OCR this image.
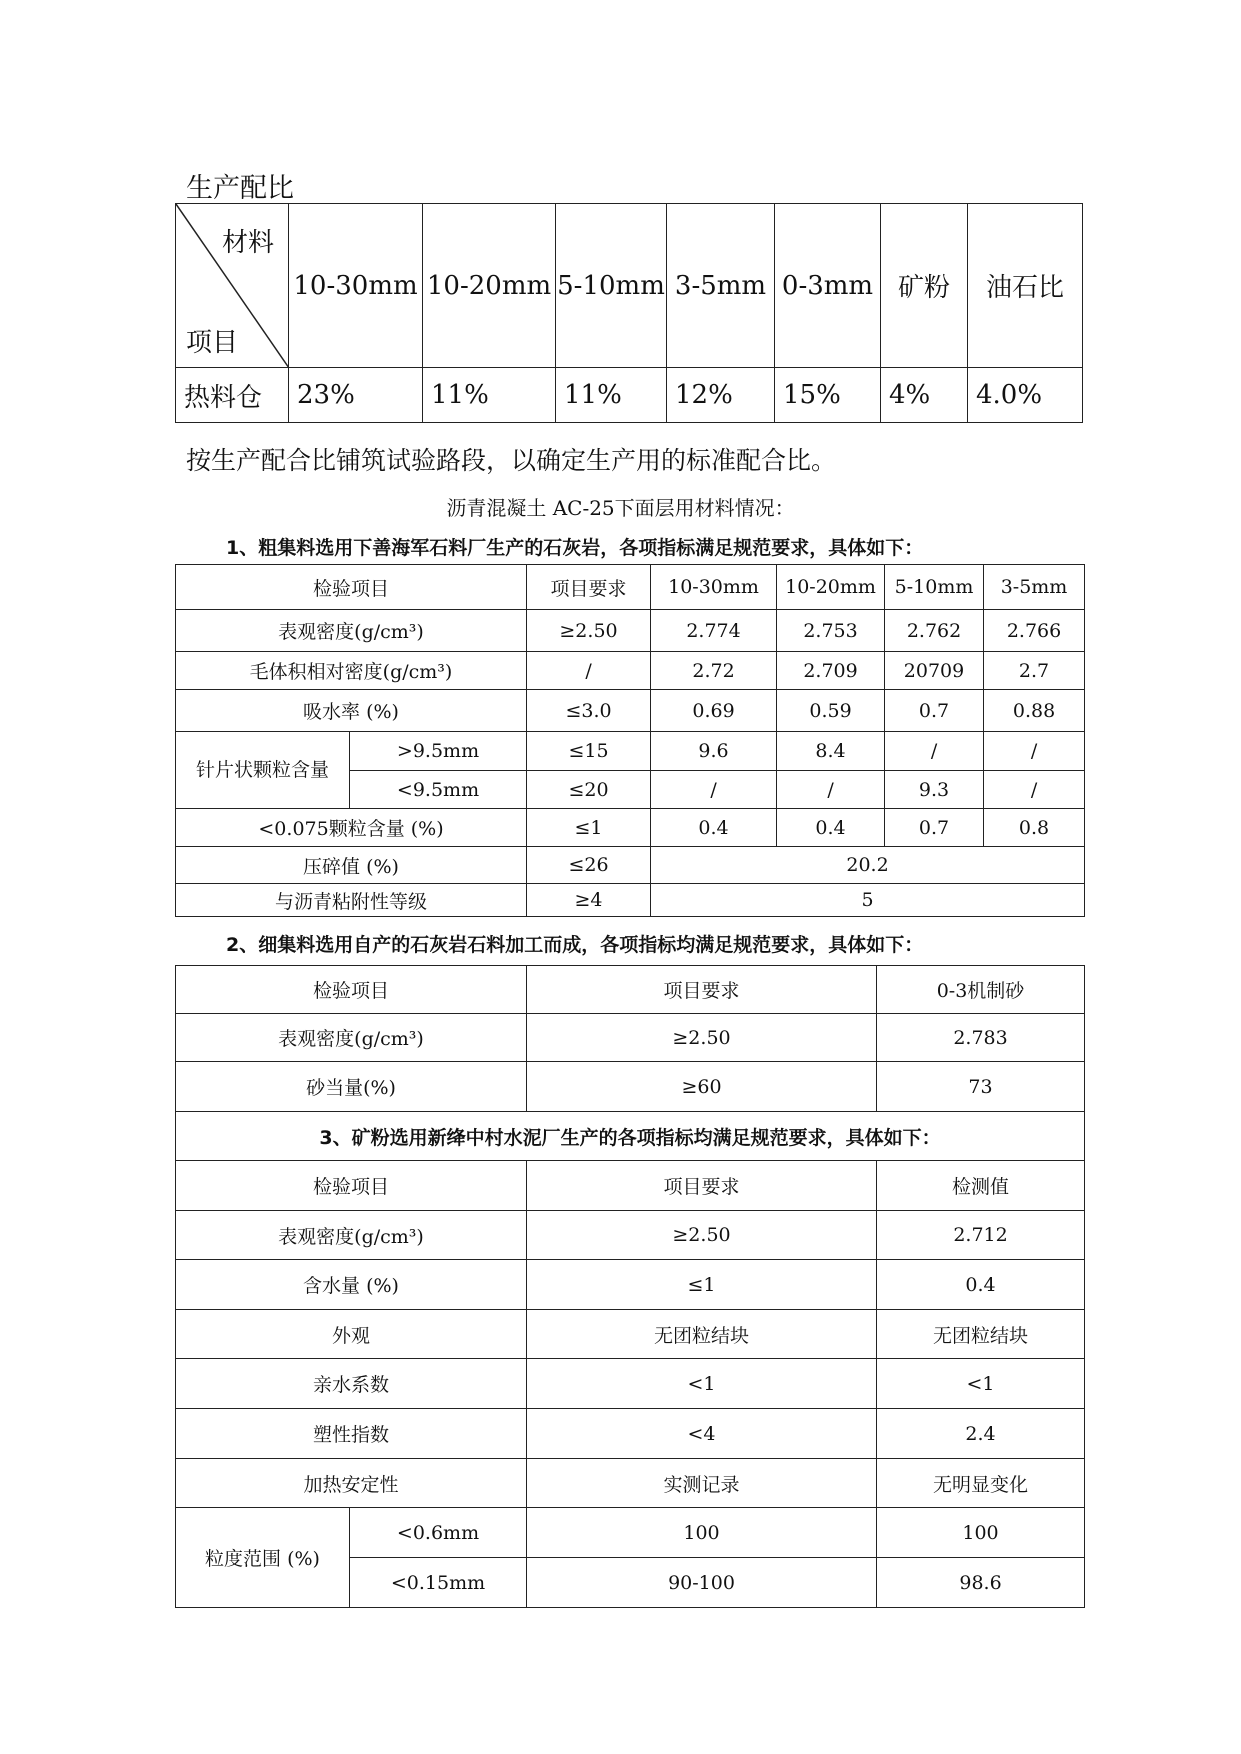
生产配比
材料
项目	10-30mm	10-20mm	5-10mm	3-5mm	0-3mm	矿粉	油石比
热料仓	23%	11%	11%	12%	15%	4%	4.0%
按生产配合比铺筑试验路段，以确定生产用的标准配合比。
沥青混凝土 AC-25下面层用材料情况：
1、粗集料选用下善海军石料厂生产的石灰岩，各项指标满足规范要求，具体如下：
检验项目		项目要求	10-30mm	10-20mm	5-10mm	3-5mm
表观密度(g/cm³)		≥2.50	2.774	2.753	2.762	2.766
毛体积相对密度(g/cm³)		/	2.72	2.709	20709	2.7
吸水率 (%)		≤3.0	0.69	0.59	0.7	0.88
针片状颗粒含量	>9.5mm	≤15	9.6	8.4	/	/
	<9.5mm	≤20	/	/	9.3	/
<0.075颗粒含量 (%)		≤1	0.4	0.4	0.7	0.8
压碎值 (%)		≤26	20.2			
与沥青粘附性等级		≥4	5			
2、细集料选用自产的石灰岩石料加工而成，各项指标均满足规范要求，具体如下：
检验项目		项目要求	0-3机制砂
表观密度(g/cm³)		≥2.50	2.783
砂当量(%)		≥60	73
3、矿粉选用新绛中村水泥厂生产的各项指标均满足规范要求，具体如下：			
检验项目		项目要求	检测值
表观密度(g/cm³)		≥2.50	2.712
含水量 (%)		≤1	0.4
外观		无团粒结块	无团粒结块
亲水系数		<1	<1
塑性指数		<4	2.4
加热安定性		实测记录	无明显变化
粒度范围 (%)	<0.6mm	100	100
	<0.15mm	90-100	98.6
